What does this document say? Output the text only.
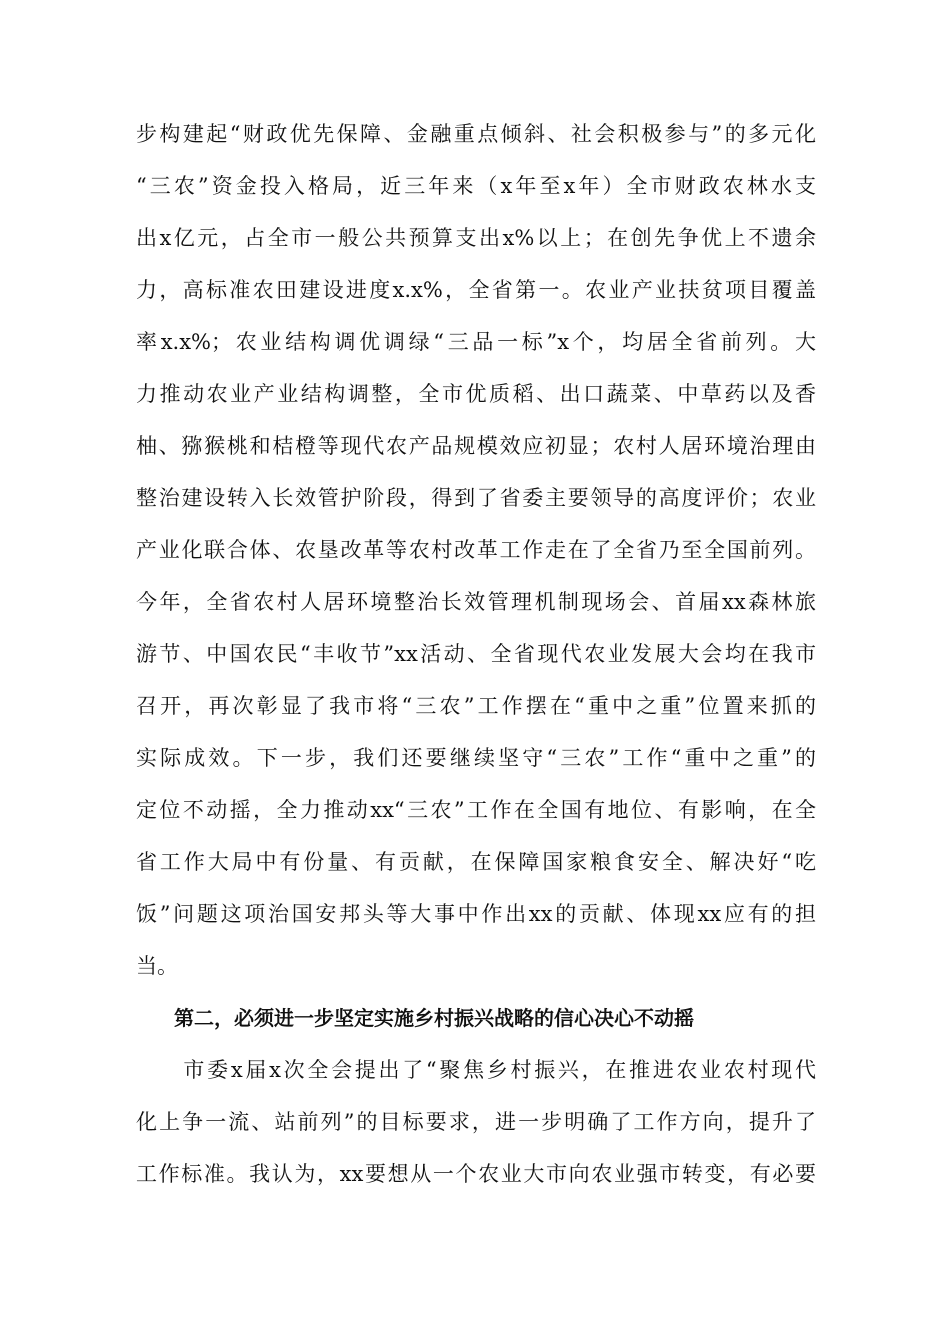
步构建起“财政优先保障、金融重点倾斜、社会积极参与”的多元化
“三农”资金投入格局，近三年来（x年至x年）全市财政农林水支
出x亿元，占全市一般公共预算支出x%以上；在创先争优上不遗余
力，高标准农田建设进度x.x%，全省第一。农业产业扶贫项目覆盖
率x.x%；农业结构调优调绿“三品一标”x个，均居全省前列。大
力推动农业产业结构调整，全市优质稻、出口蔬菜、中草药以及香
柚、猕猴桃和桔橙等现代农产品规模效应初显；农村人居环境治理由
整治建设转入长效管护阶段，得到了省委主要领导的高度评价；农业
产业化联合体、农垦改革等农村改革工作走在了全省乃至全国前列。
今年，全省农村人居环境整治长效管理机制现场会、首届xx森林旅
游节、中国农民“丰收节”xx活动、全省现代农业发展大会均在我市
召开，再次彰显了我市将“三农”工作摆在“重中之重”位置来抓的
实际成效。下一步，我们还要继续坚守“三农”工作“重中之重”的
定位不动摇，全力推动xx“三农”工作在全国有地位、有影响，在全
省工作大局中有份量、有贡献，在保障国家粮食安全、解决好“吃
饭”问题这项治国安邦头等大事中作出xx的贡献、体现xx应有的担
当。
第二，必须进一步坚定实施乡村振兴战略的信心决心不动摇
　　市委x届x次全会提出了“聚焦乡村振兴，在推进农业农村现代
化上争一流、站前列”的目标要求，进一步明确了工作方向，提升了
工作标准。我认为，xx要想从一个农业大市向农业强市转变，有必要
